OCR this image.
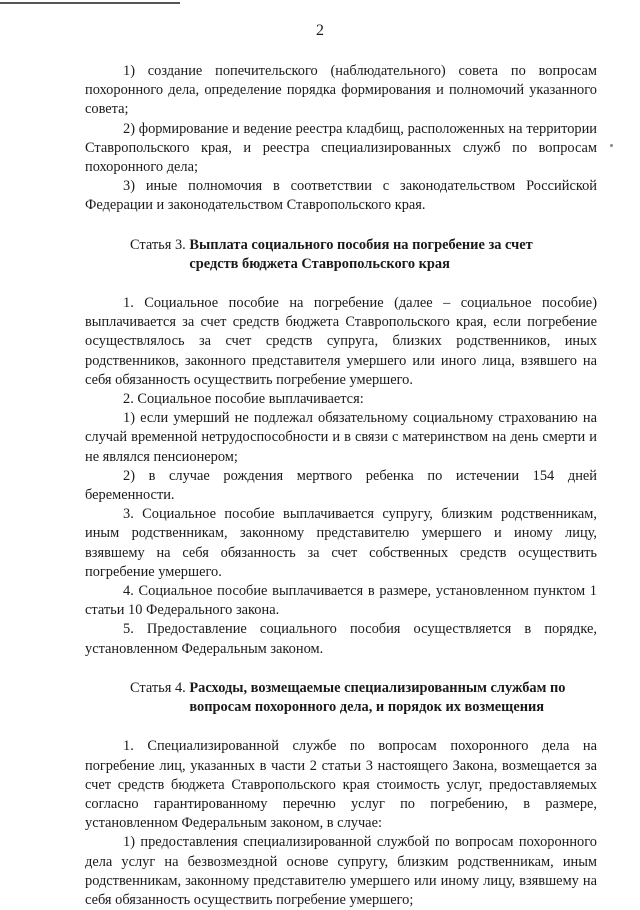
2

1) создание попечительского (наблюдательного) совета по вопросам похоронного дела, определение порядка формирования и полномочий указанного совета;

2) формирование и ведение реестра кладбищ, расположенных на территории Ставропольского края, и реестра специализированных служб по вопросам похоронного дела;

3) иные полномочия в соответствии с законодательством Российской Федерации и законодательством Ставропольского края.

Статья 3. Выплата социального пособия на погребение за счет средств бюджета Ставропольского края

1. Социальное пособие на погребение (далее – социальное пособие) выплачивается за счет средств бюджета Ставропольского края, если погребение осуществлялось за счет средств супруга, близких родственников, иных родственников, законного представителя умершего или иного лица, взявшего на себя обязанность осуществить погребение умершего.

2. Социальное пособие выплачивается:

1) если умерший не подлежал обязательному социальному страхованию на случай временной нетрудоспособности и в связи с материнством на день смерти и не являлся пенсионером;

2) в случае рождения мертвого ребенка по истечении 154 дней беременности.

3. Социальное пособие выплачивается супругу, близким родственникам, иным родственникам, законному представителю умершего и иному лицу, взявшему на себя обязанность за счет собственных средств осуществить погребение умершего.

4. Социальное пособие выплачивается в размере, установленном пунктом 1 статьи 10 Федерального закона.

5. Предоставление социального пособия осуществляется в порядке, установленном Федеральным законом.

Статья 4. Расходы, возмещаемые специализированным службам по вопросам похоронного дела, и порядок их возмещения

1. Специализированной службе по вопросам похоронного дела на погребение лиц, указанных в части 2 статьи 3 настоящего Закона, возмещается за счет средств бюджета Ставропольского края стоимость услуг, предоставляемых согласно гарантированному перечню услуг по погребению, в размере, установленном Федеральным законом, в случае:

1) предоставления специализированной службой по вопросам похоронного дела услуг на безвозмездной основе супругу, близким родственникам, иным родственникам, законному представителю умершего или иному лицу, взявшему на себя обязанность осуществить погребение умершего;
